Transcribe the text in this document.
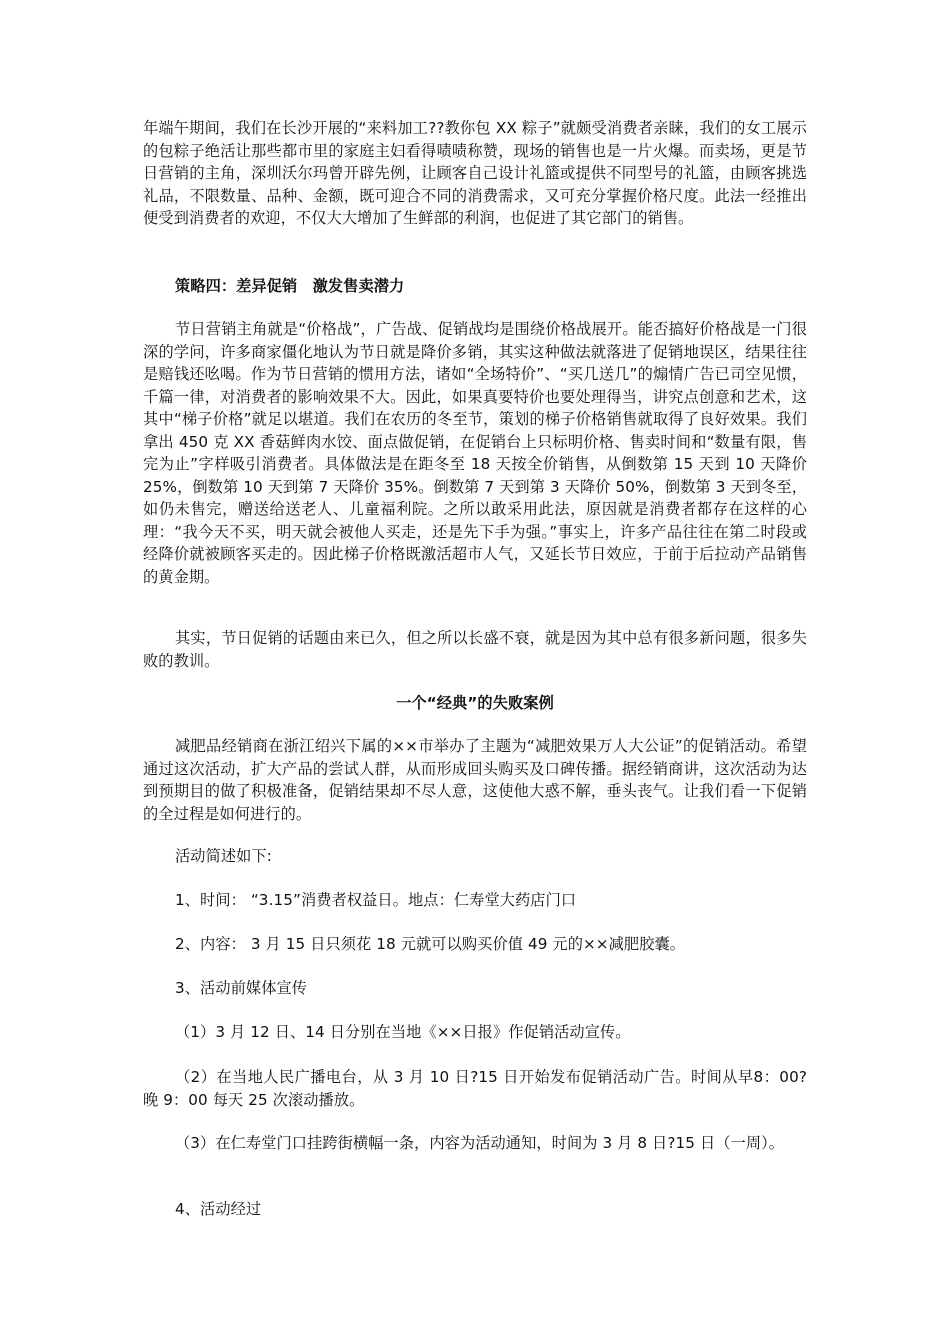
年端午期间，我们在长沙开展的“来料加工??教你包 XX 粽子”就颇受消费者亲睐，我们的女工展示的包粽子绝活让那些都市里的家庭主妇看得啧啧称赞，现场的销售也是一片火爆。而卖场，更是节日营销的主角，深圳沃尔玛曾开辟先例，让顾客自己设计礼篮或提供不同型号的礼篮，由顾客挑选礼品，不限数量、品种、金额，既可迎合不同的消费需求，又可充分掌握价格尺度。此法一经推出便受到消费者的欢迎，不仅大大增加了生鲜部的利润，也促进了其它部门的销售。

策略四：差异促销　激发售卖潜力

节日营销主角就是“价格战”，广告战、促销战均是围绕价格战展开。能否搞好价格战是一门很深的学问，许多商家僵化地认为节日就是降价多销，其实这种做法就落进了促销地误区，结果往往是赔钱还吆喝。作为节日营销的惯用方法，诸如“全场特价”、“买几送几”的煽情广告已司空见惯，千篇一律，对消费者的影响效果不大。因此，如果真要特价也要处理得当，讲究点创意和艺术，这其中“梯子价格”就足以堪道。我们在农历的冬至节，策划的梯子价格销售就取得了良好效果。我们拿出 450 克 XX 香菇鲜肉水饺、面点做促销，在促销台上只标明价格、售卖时间和“数量有限，售完为止”字样吸引消费者。具体做法是在距冬至 18 天按全价销售，从倒数第 15 天到 10 天降价 25%，倒数第 10 天到第 7 天降价 35%。倒数第 7 天到第 3 天降价 50%，倒数第 3 天到冬至，如仍未售完，赠送给送老人、儿童福利院。之所以敢采用此法，原因就是消费者都存在这样的心理：“我今天不买，明天就会被他人买走，还是先下手为强。”事实上，许多产品往往在第二时段或经降价就被顾客买走的。因此梯子价格既激活超市人气，又延长节日效应，于前于后拉动产品销售的黄金期。

其实，节日促销的话题由来已久，但之所以长盛不衰，就是因为其中总有很多新问题，很多失败的教训。

一个“经典”的失败案例

减肥品经销商在浙江绍兴下属的××市举办了主题为“减肥效果万人大公证”的促销活动。希望通过这次活动，扩大产品的尝试人群，从而形成回头购买及口碑传播。据经销商讲，这次活动为达到预期目的做了积极准备，促销结果却不尽人意，这使他大惑不解，垂头丧气。让我们看一下促销的全过程是如何进行的。

活动简述如下:

1、时间： “3.15”消费者权益日。地点：仁寿堂大药店门口

2、内容： 3 月 15 日只须花 18 元就可以购买价值 49 元的××减肥胶囊。

3、活动前媒体宣传

（1）3 月 12 日、14 日分别在当地《××日报》作促销活动宣传。

（2）在当地人民广播电台，从 3 月 10 日?15 日开始发布促销活动广告。时间从早8：00?晚 9：00 每天 25 次滚动播放。

（3）在仁寿堂门口挂跨街横幅一条，内容为活动通知，时间为 3 月 8 日?15 日（一周）。

4、活动经过
